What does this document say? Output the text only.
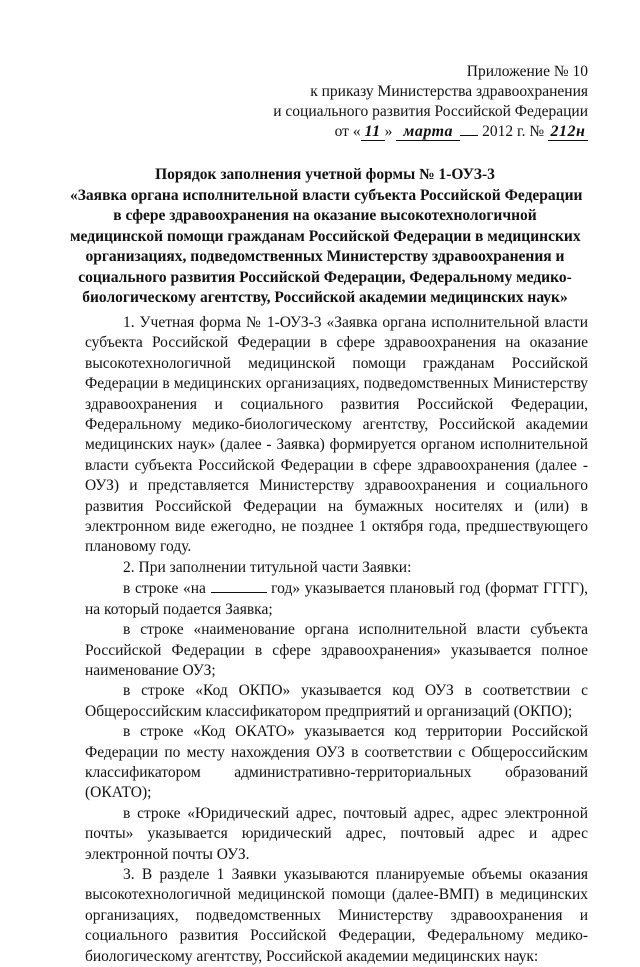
Приложение № 10
к приказу Министерства здравоохранения
и социального развития Российской Федерации
от « 11 » марта 2012 г. № 212н
Порядок заполнения учетной формы № 1-ОУЗ-3
«Заявка органа исполнительной власти субъекта Российской Федерации
в сфере здравоохранения на оказание высокотехнологичной
медицинской помощи гражданам Российской Федерации в медицинских
организациях, подведомственных Министерству здравоохранения и
социального развития Российской Федерации, Федеральному медико-
биологическому агентству, Российской академии медицинских наук»

1. Учетная форма № 1-ОУЗ-3 «Заявка органа исполнительной власти субъекта Российской Федерации в сфере здравоохранения на оказание высокотехнологичной медицинской помощи гражданам Российской Федерации в медицинских организациях, подведомственных Министерству здравоохранения и социального развития Российской Федерации, Федеральному медико-биологическому агентству, Российской академии медицинских наук» (далее - Заявка) формируется органом исполнительной власти субъекта Российской Федерации в сфере здравоохранения (далее - ОУЗ) и представляется Министерству здравоохранения и социального развития Российской Федерации на бумажных носителях и (или) в электронном виде ежегодно, не позднее 1 октября года, предшествующего плановому году.

2. При заполнении титульной части Заявки:

в строке «на	год» указывается плановый год (формат ГГГГ), на который подается Заявка;

в строке «наименование органа исполнительной власти субъекта Российской Федерации в сфере здравоохранения» указывается полное наименование ОУЗ;

в строке «Код ОКПО» указывается код ОУЗ в соответствии с Общероссийским классификатором предприятий и организаций (ОКПО);

в строке «Код ОКАТО» указывается код территории Российской Федерации по месту нахождения ОУЗ в соответствии с Общероссийским классификатором административно-территориальных образований (ОКАТО);

в строке «Юридический адрес, почтовый адрес, адрес электронной почты» указывается юридический адрес, почтовый адрес и адрес электронной почты ОУЗ.

3. В разделе 1 Заявки указываются планируемые объемы оказания высокотехнологичной медицинской помощи (далее-ВМП) в медицинских организациях, подведомственных Министерству здравоохранения и социального развития Российской Федерации, Федеральному медико-биологическому агентству, Российской академии медицинских наук:
